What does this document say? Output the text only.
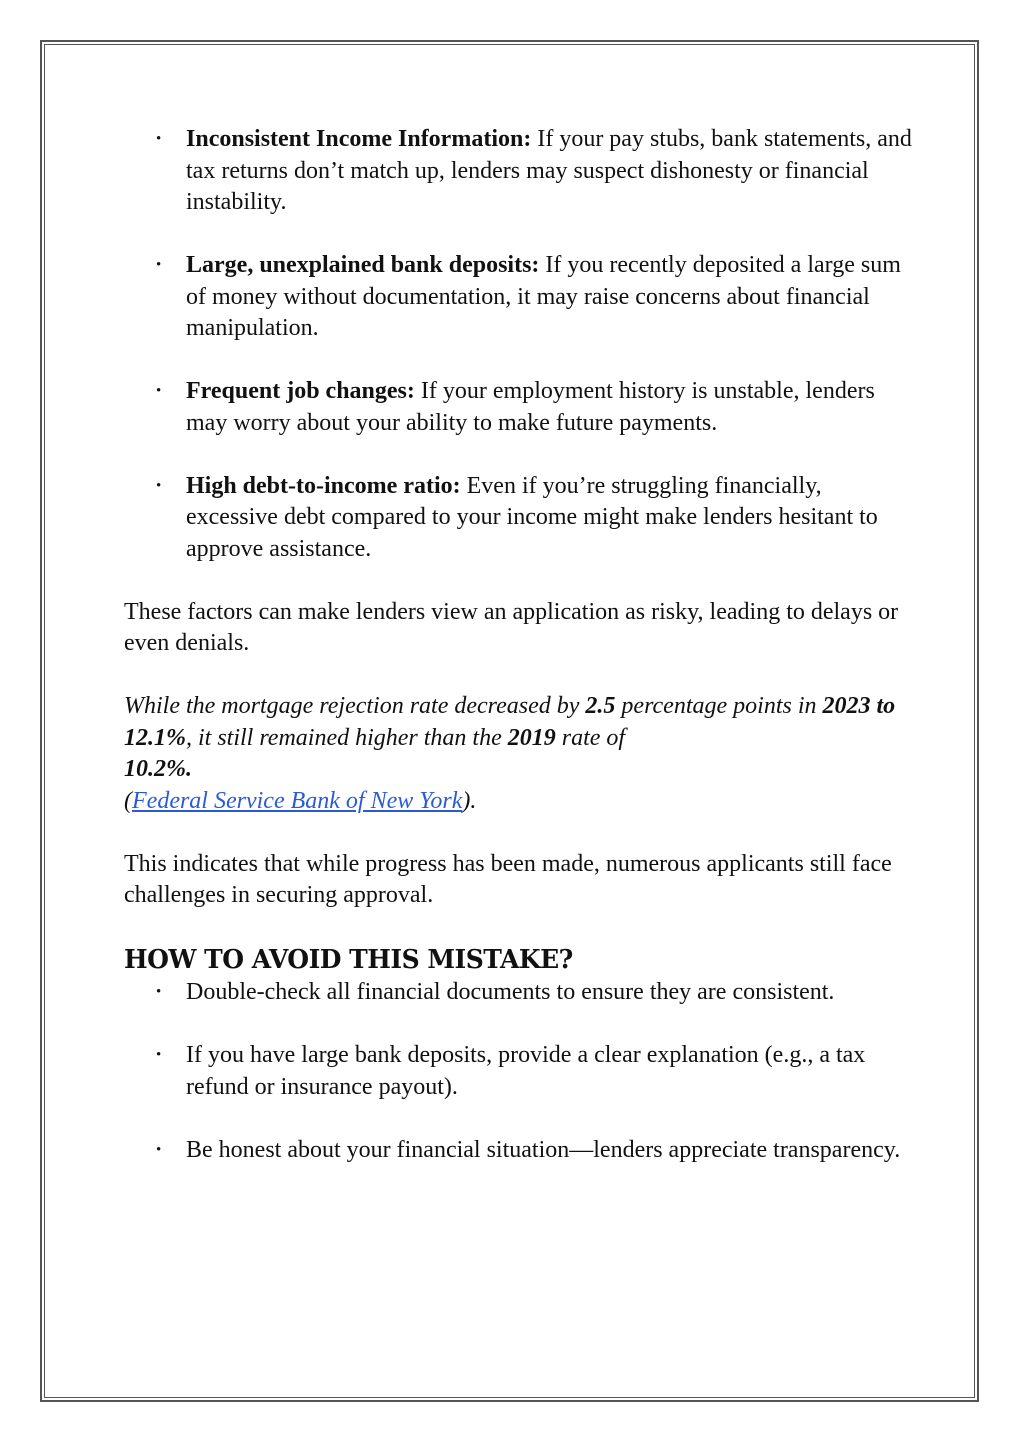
• Inconsistent Income Information: If your pay stubs, bank statements, and tax returns don’t match up, lenders may suspect dishonesty or financial instability.
• Large, unexplained bank deposits: If you recently deposited a large sum of money without documentation, it may raise concerns about financial manipulation.
• Frequent job changes: If your employment history is unstable, lenders may worry about your ability to make future payments.
• High debt-to-income ratio: Even if you’re struggling financially, excessive debt compared to your income might make lenders hesitant to approve assistance.

These factors can make lenders view an application as risky, leading to delays or even denials.

While the mortgage rejection rate decreased by 2.5 percentage points in 2023 to 12.1%, it still remained higher than the 2019 rate of
10.2%.

(Federal Service Bank of New York).

This indicates that while progress has been made, numerous applicants still face challenges in securing approval.

HOW TO AVOID THIS MISTAKE?
• Double-check all financial documents to ensure they are consistent.
• If you have large bank deposits, provide a clear explanation (e.g., a tax refund or insurance payout).
• Be honest about your financial situation—lenders appreciate transparency.
